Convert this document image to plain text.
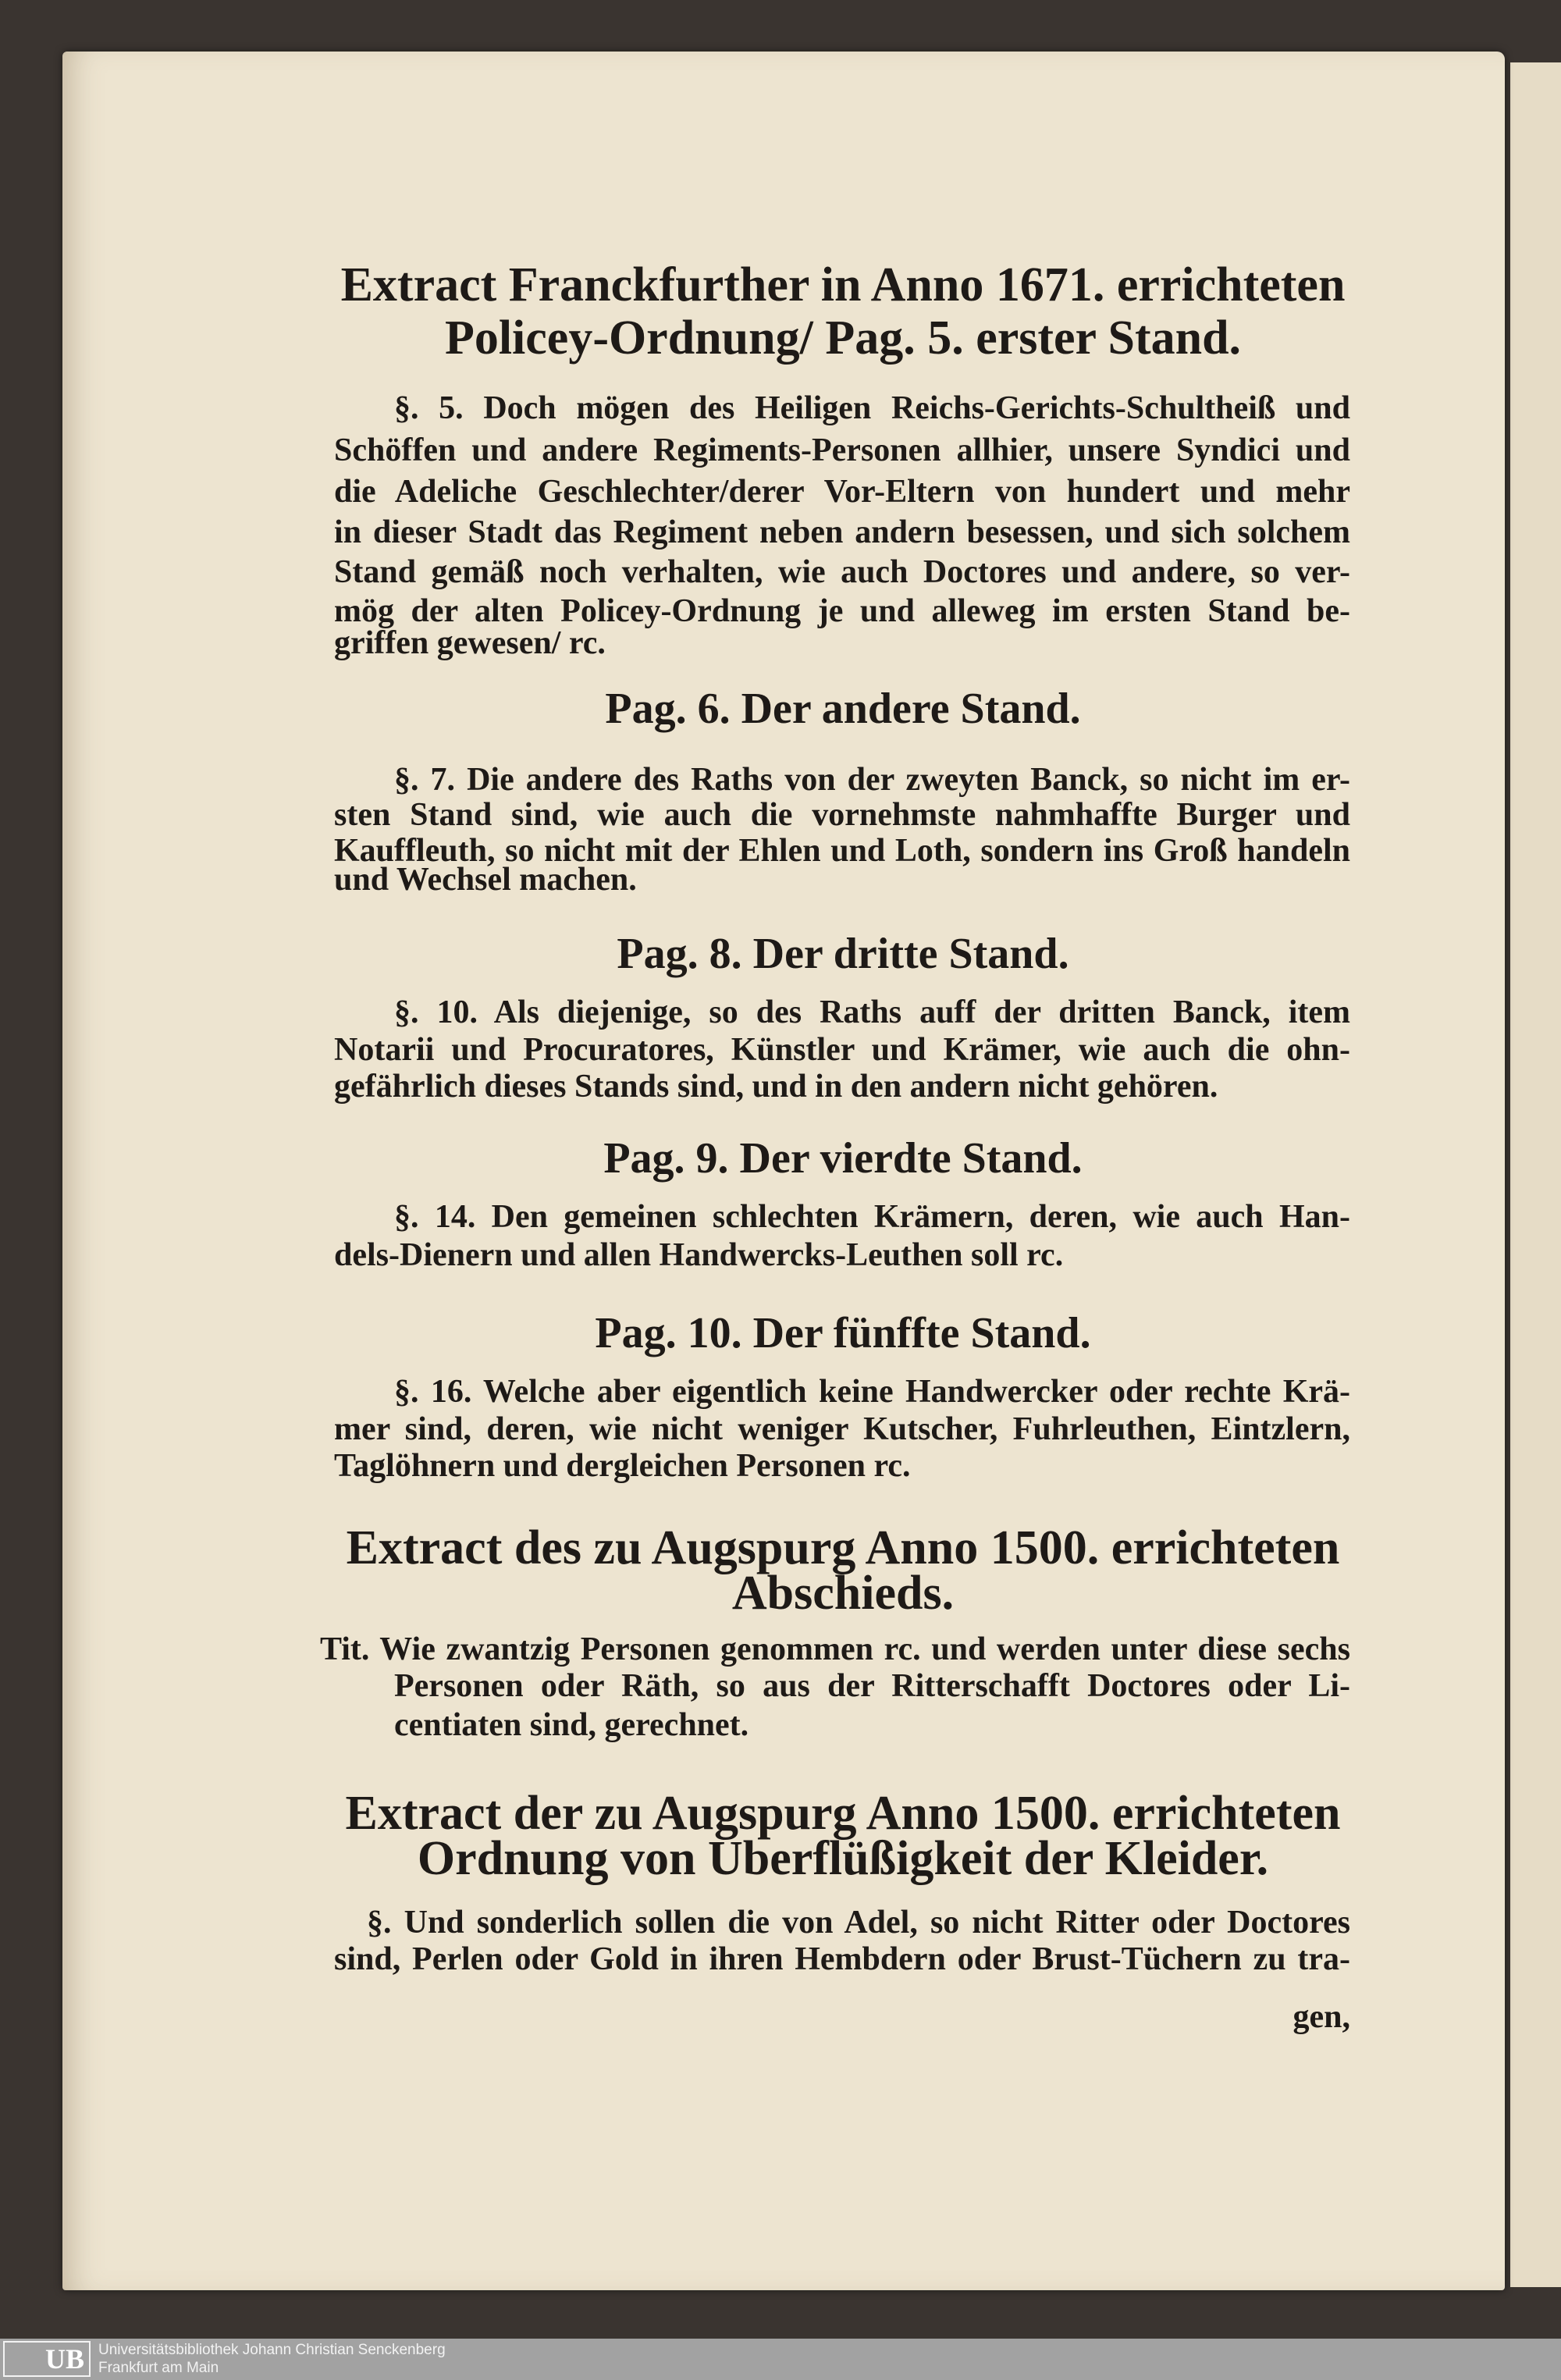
Extract Franckfurther in Anno 1671. errichteten
Policey-Ordnung/ Pag. 5. erster Stand.
§. 5. Doch mögen des Heiligen Reichs-Gerichts-Schultheiß und
Schöffen und andere Regiments-Personen allhier, unsere Syndici und
die Adeliche Geschlechter/derer Vor-Eltern von hundert und mehr
in dieser Stadt das Regiment neben andern besessen, und sich solchem
Stand gemäß noch verhalten, wie auch Doctores und andere, so ver-
mög der alten Policey-Ordnung je und alleweg im ersten Stand be-
griffen gewesen/ rc.
Pag. 6. Der andere Stand.
§. 7. Die andere des Raths von der zweyten Banck, so nicht im er-
sten Stand sind, wie auch die vornehmste nahmhaffte Burger und
Kauffleuth, so nicht mit der Ehlen und Loth, sondern ins Groß handeln
und Wechsel machen.
Pag. 8. Der dritte Stand.
§. 10. Als diejenige, so des Raths auff der dritten Banck, item
Notarii und Procuratores, Künstler und Krämer, wie auch die ohn-
gefährlich dieses Stands sind, und in den andern nicht gehören.
Pag. 9. Der vierdte Stand.
§. 14. Den gemeinen schlechten Krämern, deren, wie auch Han-
dels-Dienern und allen Handwercks-Leuthen soll rc.
Pag. 10. Der fünffte Stand.
§. 16. Welche aber eigentlich keine Handwercker oder rechte Krä-
mer sind, deren, wie nicht weniger Kutscher, Fuhrleuthen, Eintzlern,
Taglöhnern und dergleichen Personen rc.
Extract des zu Augspurg Anno 1500. errichteten
Abschieds.
Tit. Wie zwantzig Personen genommen rc. und werden unter diese sechs
Personen oder Räth, so aus der Ritterschafft Doctores oder Li-
centiaten sind, gerechnet.
Extract der zu Augspurg Anno 1500. errichteten
Ordnung von Uberflüßigkeit der Kleider.
§. Und sonderlich sollen die von Adel, so nicht Ritter oder Doctores
sind, Perlen oder Gold in ihren Hembdern oder Brust-Tüchern zu tra-
gen,
UB Universitätsbibliothek Johann Christian Senckenberg
Frankfurt am Main
